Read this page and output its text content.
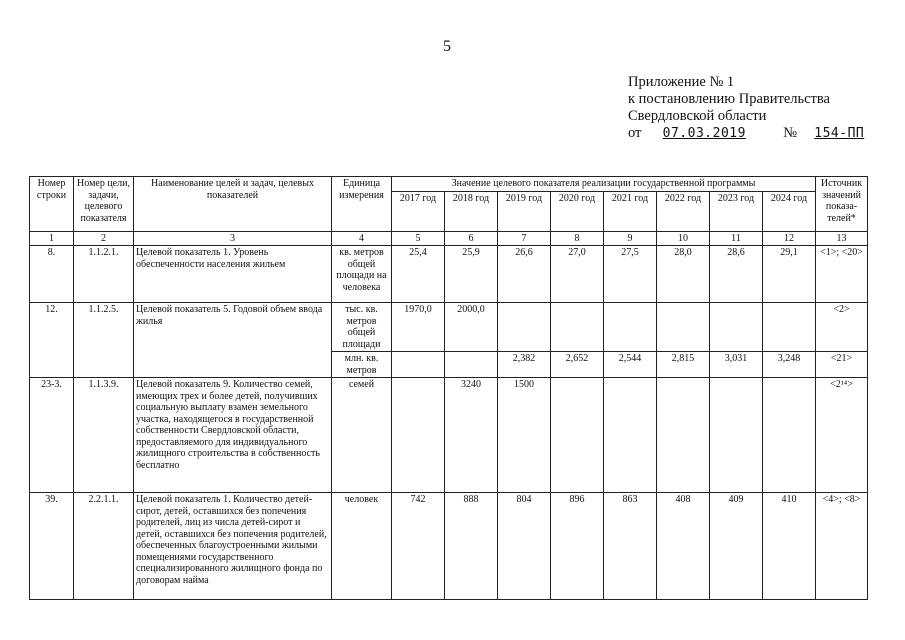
5
Приложение № 1
к постановлению Правительства
Свердловской области
от 07.03.2019	№ 154-ПП
Номер строки	Номер цели, задачи, целевого показателя	Наименование целей и задач, целевых показателей	Единица измерения	Значение целевого показателя реализации государственной программы								Источник значений показа-телей*
				2017 год	2018 год	2019 год	2020 год	2021 год	2022 год	2023 год	2024 год	
1	2	3	4	5	6	7	8	9	10	11	12	13
8.	1.1.2.1.	Целевой показатель 1. Уровень обеспеченности населения жильем	кв. метров общей площади на человека	25,4	25,9	26,6	27,0	27,5	28,0	28,6	29,1	<1>; <20>
12.	1.1.2.5.	Целевой показатель 5. Годовой объем ввода жилья	тыс. кв. метров общей площади	1970,0	2000,0							<2>
			млн. кв. метров			2,382	2,652	2,544	2,815	3,031	3,248	<21>
23-3.	1.1.3.9.	Целевой показатель 9. Количество семей, имеющих трех и более детей, получивших социальную выплату взамен земельного участка, находящегося в государственной собственности Свердловской области, предоставляемого для индивидуального жилищного строительства в собственность бесплатно	семей		3240	1500						<2¹⁴>
39.	2.2.1.1.	Целевой показатель 1. Количество детей-сирот, детей, оставшихся без попечения родителей, лиц из числа детей-сирот и детей, оставшихся без попечения родителей, обеспеченных благоустроенными жилыми помещениями государственного специализированного жилищного фонда по договорам найма	человек	742	888	804	896	863	408	409	410	<4>; <8>
